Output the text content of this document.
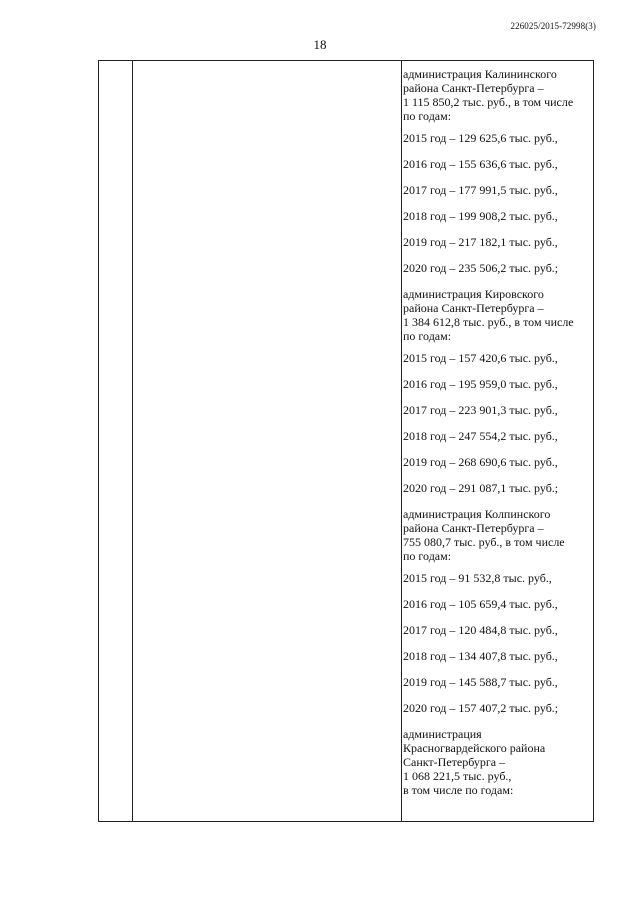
226025/2015-72998(3)
18

администрация Калининского
района Санкт-Петербурга –
1 115 850,2 тыс. руб., в том числе
по годам:

2015 год – 129 625,6 тыс. руб.,

2016 год – 155 636,6 тыс. руб.,

2017 год – 177 991,5 тыс. руб.,

2018 год – 199 908,2 тыс. руб.,

2019 год – 217 182,1 тыс. руб.,

2020 год – 235 506,2 тыс. руб.;

администрация Кировского
района Санкт-Петербурга –
1 384 612,8 тыс. руб., в том числе
по годам:

2015 год – 157 420,6 тыс. руб.,

2016 год – 195 959,0 тыс. руб.,

2017 год – 223 901,3 тыс. руб.,

2018 год – 247 554,2 тыс. руб.,

2019 год – 268 690,6 тыс. руб.,

2020 год – 291 087,1 тыс. руб.;

администрация Колпинского
района Санкт-Петербурга –
755 080,7 тыс. руб., в том числе
по годам:

2015 год – 91 532,8 тыс. руб.,

2016 год – 105 659,4 тыс. руб.,

2017 год – 120 484,8 тыс. руб.,

2018 год – 134 407,8 тыс. руб.,

2019 год – 145 588,7 тыс. руб.,

2020 год – 157 407,2 тыс. руб.;

администрация
Красногвардейского района
Санкт-Петербурга –
1 068 221,5 тыс. руб.,
в том числе по годам:
